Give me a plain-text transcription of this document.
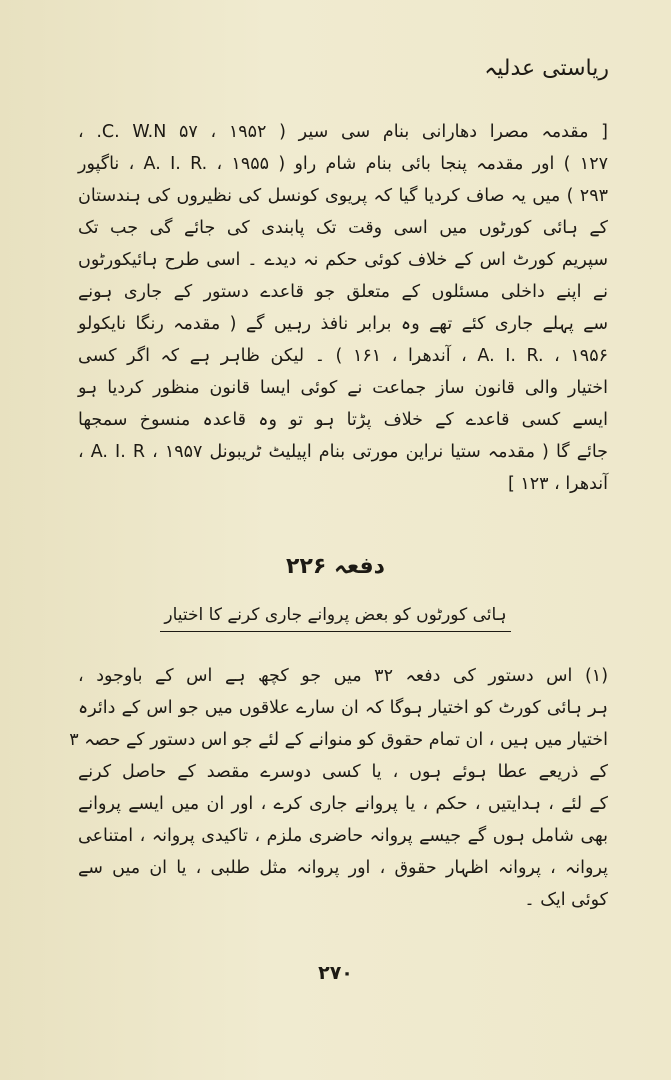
ریاستی عدلیہ
[ مقدمہ مصرا دھارانی بنام سی سیر ( ۱۹۵۲ ، ۵۷ C. W.N. ،
۱۲۷ ) اور مقدمہ پنجا بائی بنام شام راو ( A. I. R. ، ۱۹۵۵ ، ناگپور
۲۹۳ ) میں یہ صاف کردیا گیا کہ پریوی کونسل کی نظیروں کی ہندستان
کے ہائی کورٹوں میں اسی وقت تک پابندی کی جائے گی جب تک
سپریم کورٹ اس کے خلاف کوئی حکم نہ دیدے ۔ اسی طرح ہائیکورٹوں
نے اپنے داخلی مسئلوں کے متعلق جو قاعدے دستور کے جاری ہونے
سے پہلے جاری کئے تھے وہ برابر نافذ رہیں گے ( مقدمہ رنگا نایکولو
A. I. R. ، ۱۹۵۶ ، آندھرا ، ۱۶۱ ) ۔ لیکن ظاہر ہے کہ اگر کسی
اختیار والی قانون ساز جماعت نے کوئی ایسا قانون منظور کردیا ہو
ایسے کسی قاعدے کے خلاف پڑتا ہو تو وہ قاعدہ منسوخ سمجھا
جائے گا ( مقدمہ ستیا نراین مورتی بنام اپیلیٹ ٹریبونل A. I. R ، ۱۹۵۷ ،
آندھرا ، ۱۲۳ ]
دفعہ ۲۲۶
ہائی کورٹوں کو بعض پروانے جاری کرنے کا اختیار
(۱) اس دستور کی دفعہ ۳۲ میں جو کچھ ہے اس کے باوجود ،
ہر ہائی کورٹ کو اختیار ہوگا کہ ان سارے علاقوں میں جو اس کے دائرہ
اختیار میں ہیں ، ان تمام حقوق کو منوانے کے لئے جو اس دستور کے حصہ ۳
کے ذریعے عطا ہوئے ہوں ، یا کسی دوسرے مقصد کے حاصل کرنے
کے لئے ، ہدایتیں ، حکم ، یا پروانے جاری کرے ، اور ان میں ایسے پروانے
بھی شامل ہوں گے جیسے پروانہ حاضری ملزم ، تاکیدی پروانہ ، امتناعی
پروانہ ، پروانہ اظہار حقوق ، اور پروانہ مثل طلبی ، یا ان میں سے
کوئی ایک ۔
۲۷۰
